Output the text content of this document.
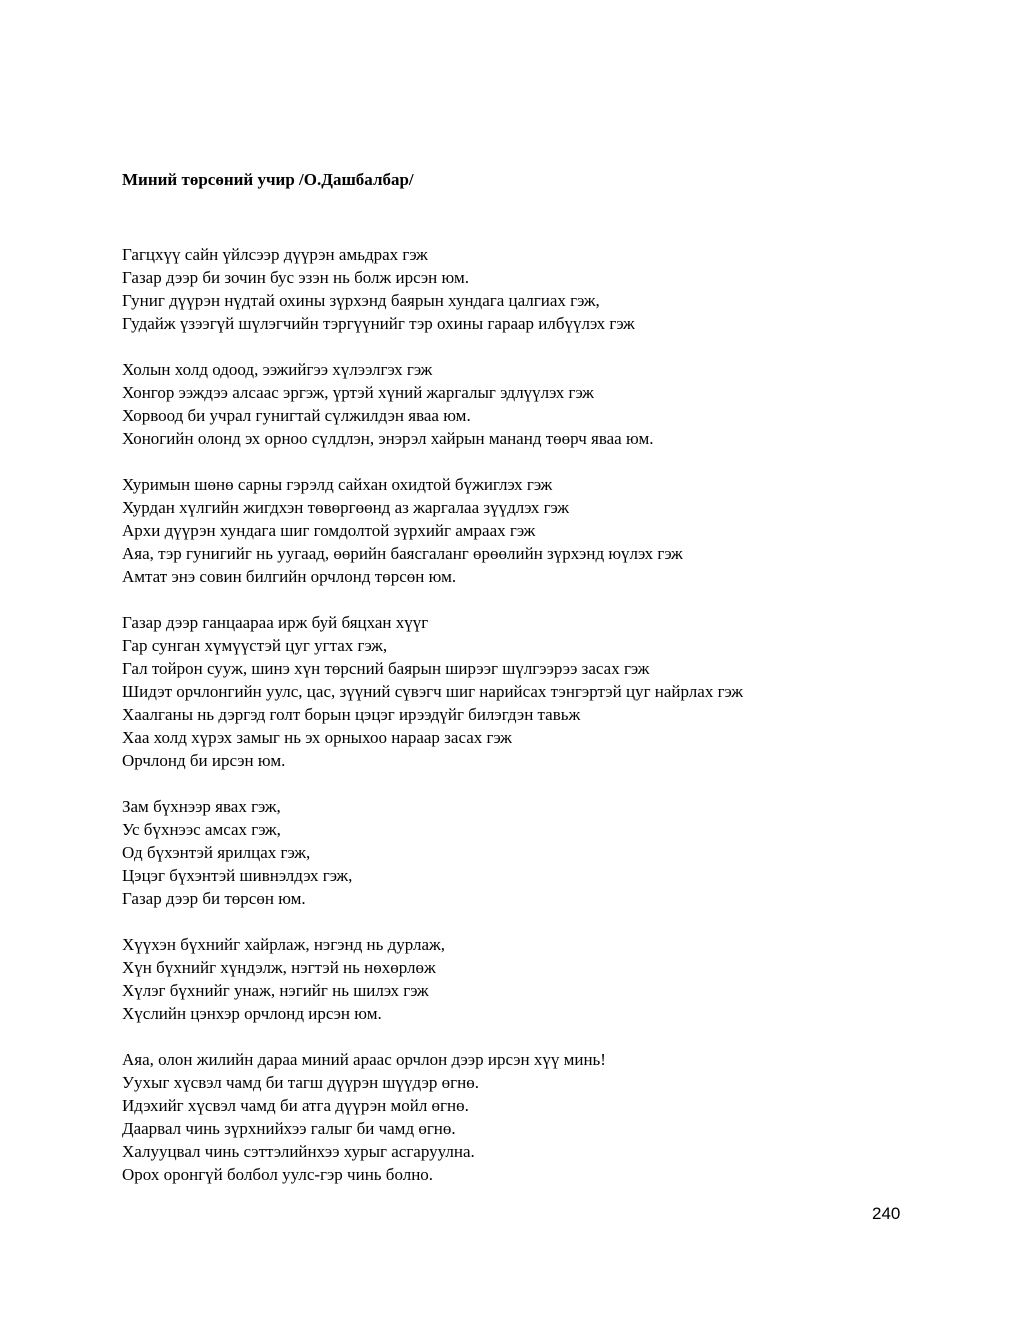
Миний төрсөний учир /О.Дашбалбар/
Гагцхүү сайн үйлсээр дүүрэн амьдрах гэж
Газар дээр би зочин бус эзэн нь болж ирсэн юм.
Гуниг дүүрэн нүдтай охины зүрхэнд баярын хундага цалгиах гэж,
Гудайж үзээгүй шүлэгчийн тэргүүнийг тэр охины гараар илбүүлэх гэж
Холын холд одоод, ээжийгээ хүлээлгэх гэж
Хонгор ээждээ алсаас эргэж, үртэй хүний жаргалыг эдлүүлэх гэж
Хорвоод би учрал гунигтай сүлжилдэн яваа юм.
Хоногийн олонд эх орноо сүлдлэн, энэрэл хайрын мананд төөрч яваа юм.
Хуримын шөнө сарны гэрэлд сайхан охидтой бүжиглэх гэж
Хурдан хүлгийн жигдхэн төвөргөөнд аз жаргалаа зүүдлэх гэж
Архи дүүрэн хундага шиг гомдолтой зүрхийг амраах гэж
Аяа, тэр гунигийг нь уугаад, өөрийн баясгаланг өрөөлийн зүрхэнд юүлэх гэж
Амтат энэ совин билгийн орчлонд төрсөн юм.
Газар дээр ганцаараа ирж буй бяцхан хүүг
Гар сунган хүмүүстэй цуг угтах гэж,
Гал тойрон сууж, шинэ хүн төрсний баярын ширээг шүлгээрээ засах гэж
Шидэт орчлонгийн уулс, цас, зүүний сүвэгч шиг нарийсах тэнгэртэй цуг найрлах гэж
Хаалганы нь дэргэд голт борын цэцэг ирээдүйг билэгдэн тавьж
Хаа холд хүрэх замыг нь эх орныхоо нараар засах гэж
Орчлонд би ирсэн юм.
Зам бүхнээр явах гэж,
Ус бүхнээс амсах гэж,
Од бүхэнтэй ярилцах гэж,
Цэцэг бүхэнтэй шивнэлдэх гэж,
Газар дээр би төрсөн юм.
Хүүхэн бүхнийг хайрлаж, нэгэнд нь дурлаж,
Хүн бүхнийг хүндэлж, нэгтэй нь нөхөрлөж
Хүлэг бүхнийг унаж, нэгийг нь шилэх гэж
Хүслийн цэнхэр орчлонд ирсэн юм.
Аяа, олон жилийн дараа миний араас орчлон дээр ирсэн хүү минь!
Уухыг хүсвэл чамд би тагш дүүрэн шүүдэр өгнө.
Идэхийг хүсвэл чамд би атга дүүрэн мойл өгнө.
Даарвал чинь зүрхнийхээ галыг би чамд өгнө.
Халууцвал чинь сэттэлийнхээ хурыг асгаруулна.
Орох оронгүй болбол уулс-гэр чинь болно.
240
